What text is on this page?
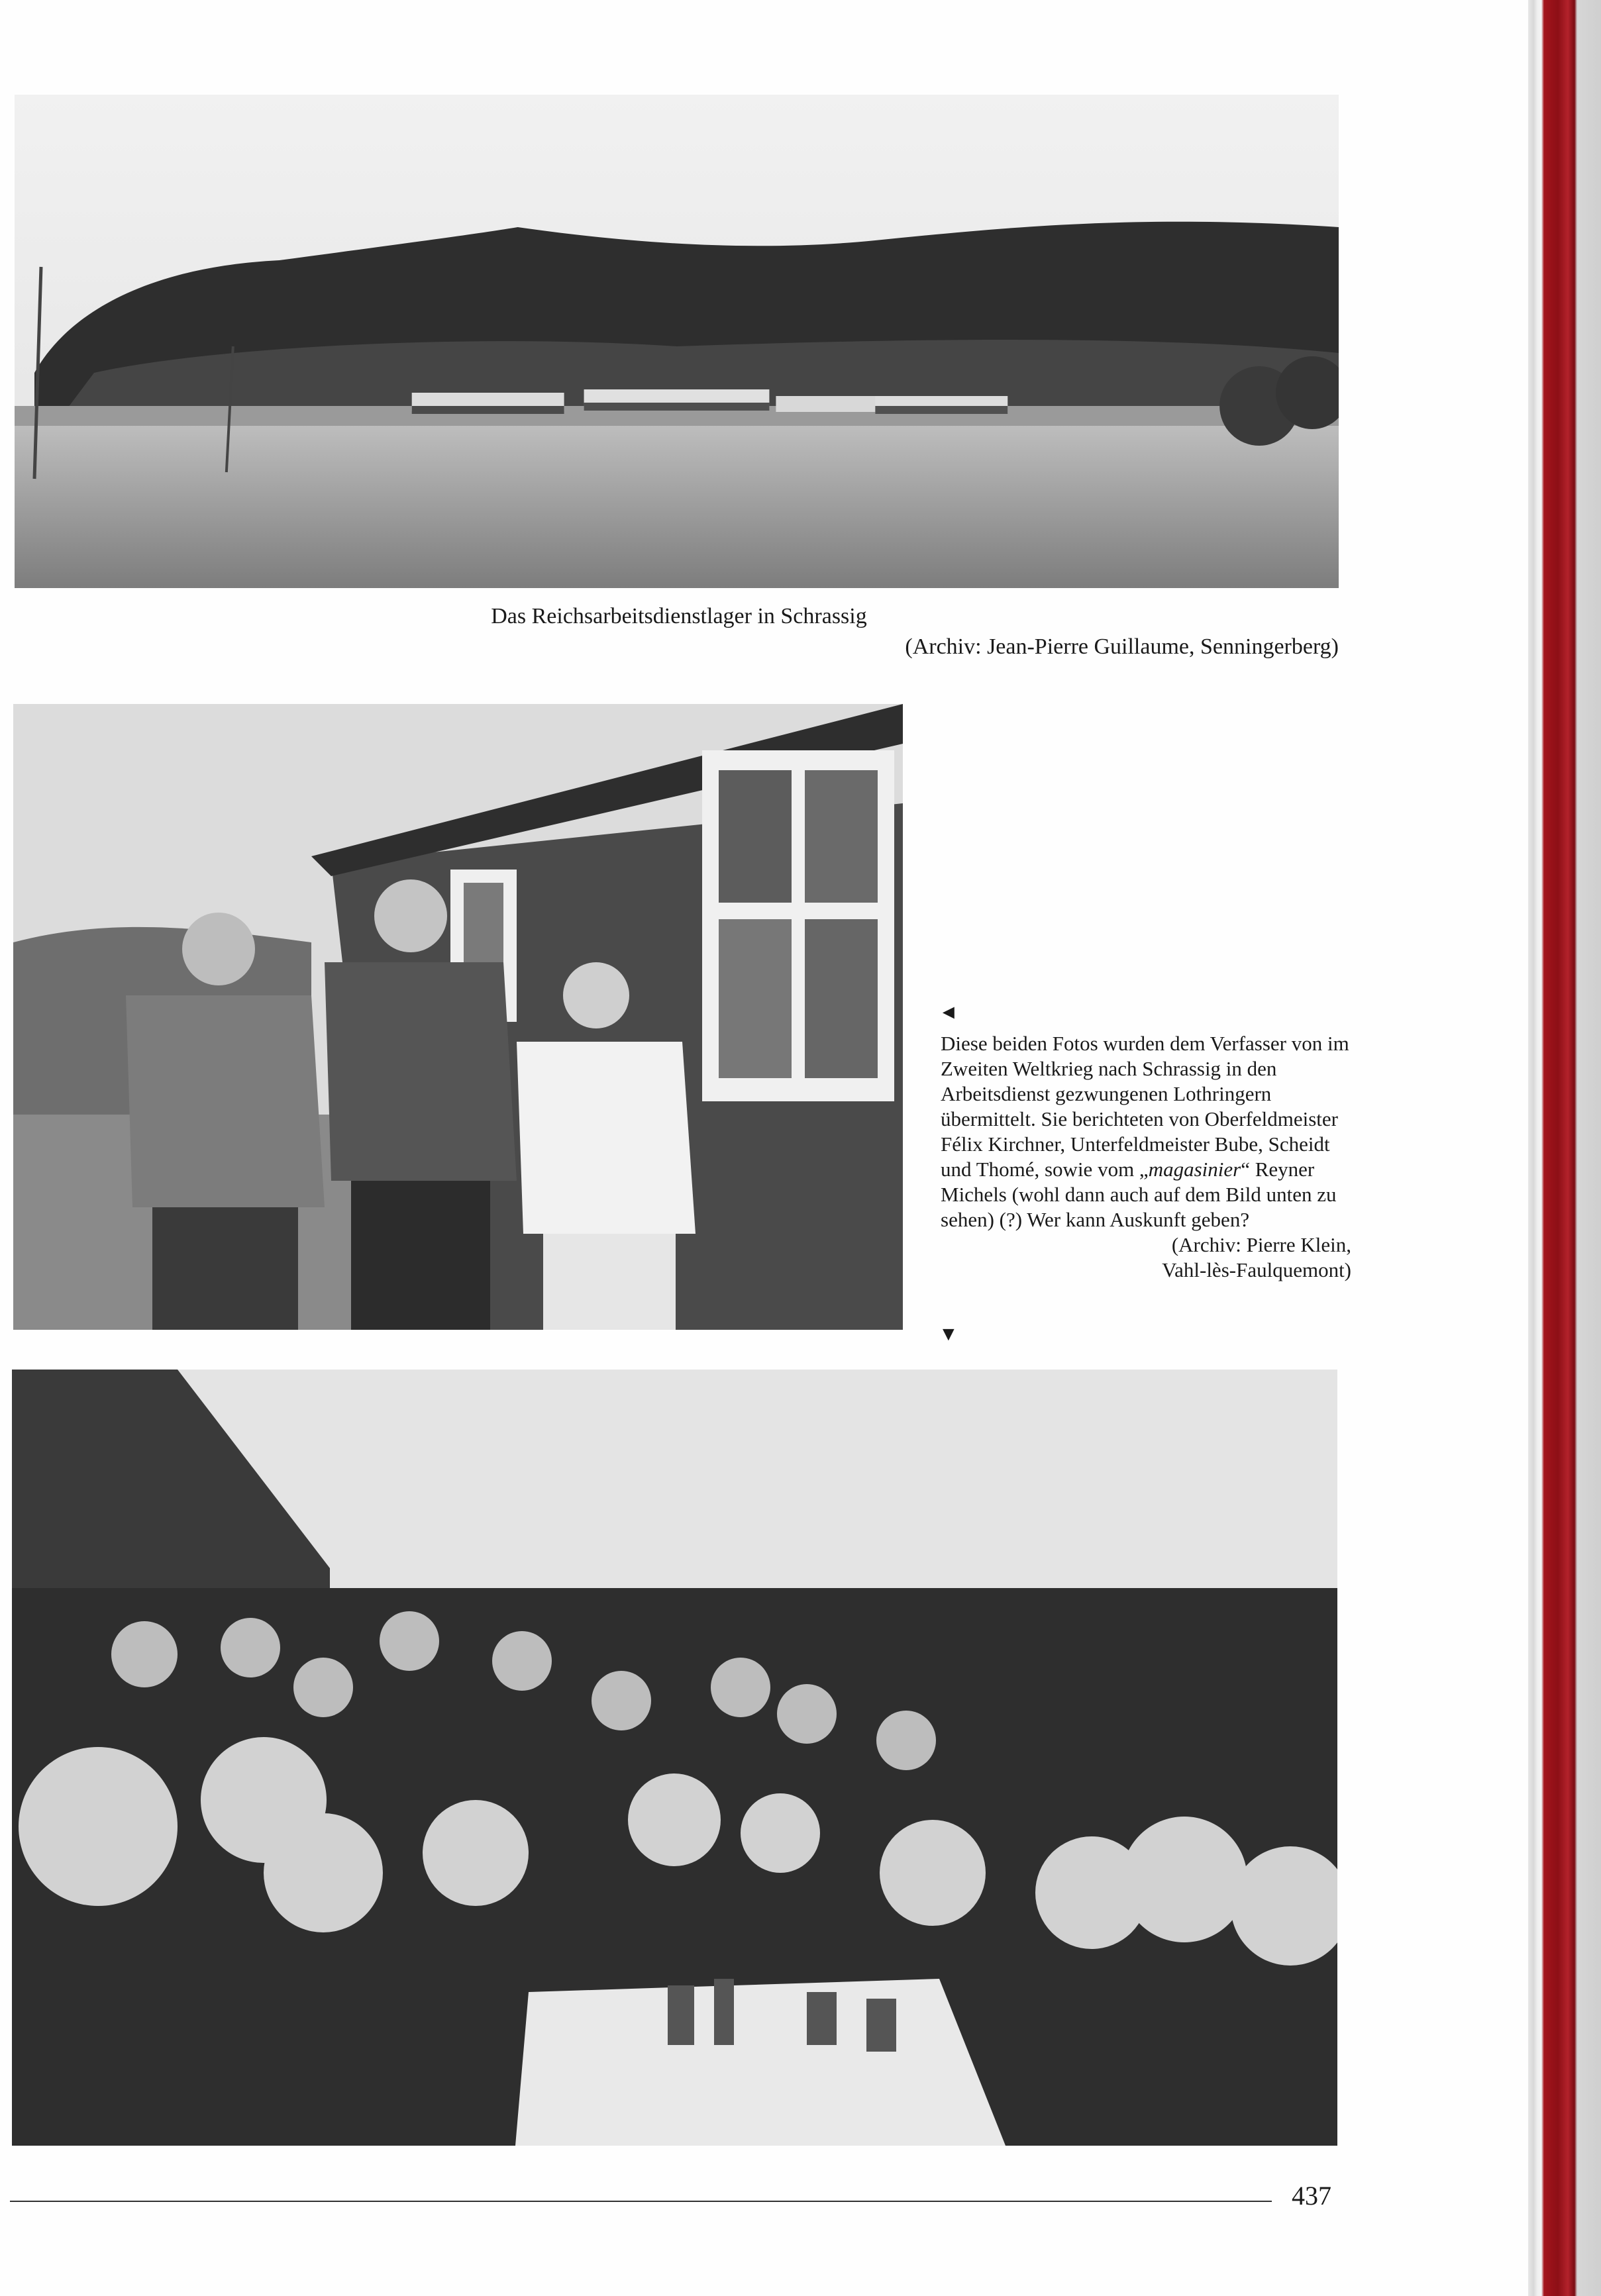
Das Reichsarbeitsdienstlager in Schrassig
(Archiv: Jean-Pierre Guillaume, Senningerberg)
◄

Diese beiden Fotos wurden dem Verfasser von im Zweiten Weltkrieg nach Schrassig in den Arbeitsdienst gezwungenen Lothringern übermittelt. Sie berichteten von Oberfeldmeister Félix Kirchner, Unterfeldmeister Bube, Scheidt und Thomé, sowie vom „magasinier“ Reyner Michels (wohl dann auch auf dem Bild unten zu sehen) (?) Wer kann Auskunft geben?

(Archiv: Pierre Klein,

Vahl-lès-Faulquemont)

▼
437
